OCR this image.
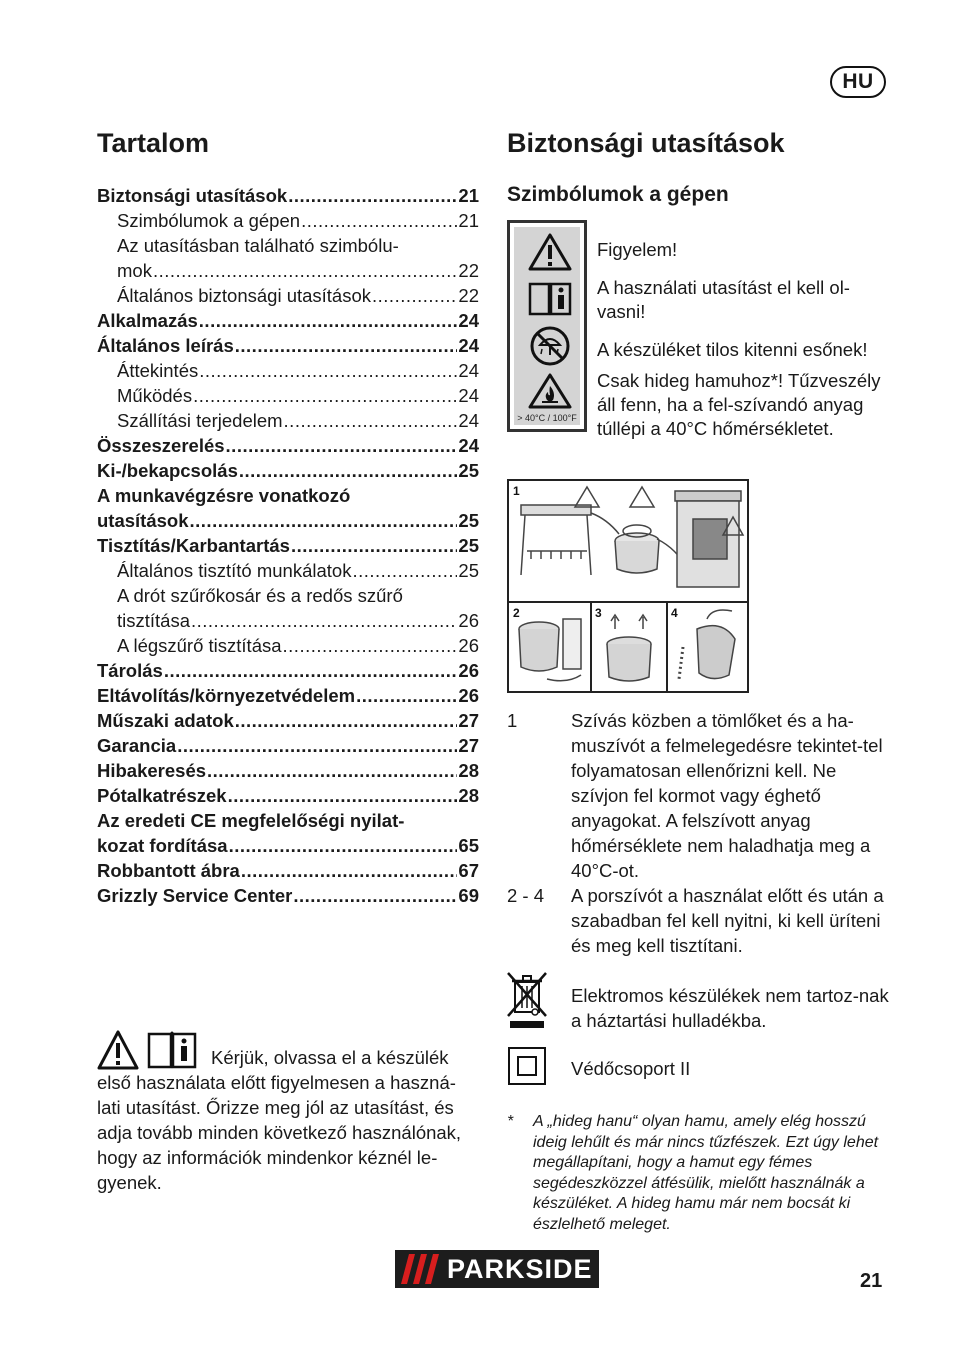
HU
Tartalom
Biztonsági utasítások .....	21
Szimbólumok a gépen .....	21
Az utasításban található szimbólu-
mok .....	22
Általános biztonsági utasítások .....	22
Alkalmazás .....	24
Általános leírás .....	24
Áttekintés .....	24
Működés .....	24
Szállítási terjedelem .....	24
Összeszerelés .....	24
Ki-/bekapcsolás .....	25
A munkavégzésre vonatkozó
utasítások .....	25
Tisztítás/Karbantartás .....	25
Általános tisztító munkálatok .....	25
A drót szűrőkosár és a redős szűrő
tisztítása .....	26
A légszűrő tisztítása .....	26
Tárolás .....	26
Eltávolítás/környezetvédelem .....	26
Műszaki adatok .....	27
Garancia .....	27
Hibakeresés .....	28
Pótalkatrészek .....	28
Az eredeti CE megfelelőségi nyilat-
kozat fordítása .....	65
Robbantott ábra .....	67
Grizzly Service Center .....	69
Kérjük, olvassa el a készülék első használata előtt figyelmesen a haszná-lati utasítást. Őrizze meg jól az utasítást, és adja tovább minden következő használónak, hogy az információk mindenkor kéznél le-gyenek.
Biztonsági utasítások
Szimbólumok a gépen
> 40°C / 100°F
Figyelem!
A használati utasítást el kell ol-vasni!
A készüléket tilos kitenni esőnek!
Csak hideg hamuhoz*! Tűzveszély áll fenn, ha a fel-szívandó anyag túllépi a 40°C hőmérsékletet.
1
2	3	4
1	Szívás közben a tömlőket és a ha-muszívót a felmelegedésre tekintet-tel folyamatosan ellenőrizni kell. Ne szívjon fel kormot vagy éghető anyagokat. A felszívott anyag hőmérséklete nem haladhatja meg a 40°C-ot.
2 - 4 A porszívót a használat előtt és után a szabadban fel kell nyitni, ki kell üríteni és meg kell tisztítani.
Elektromos készülékek nem tartoz-nak a háztartási hulladékba.
Védőcsoport II
* A „hideg hanu“ olyan hamu, amely elég hosszú ideig lehűlt és már nincs tűzfészek. Ezt úgy lehet megállapítani, hogy a hamut egy fémes segédeszközzel átfésülik, mielőtt használnák a készüléket. A hideg hamu már nem bocsát ki észlelhető meleget.
PARKSIDE	21
